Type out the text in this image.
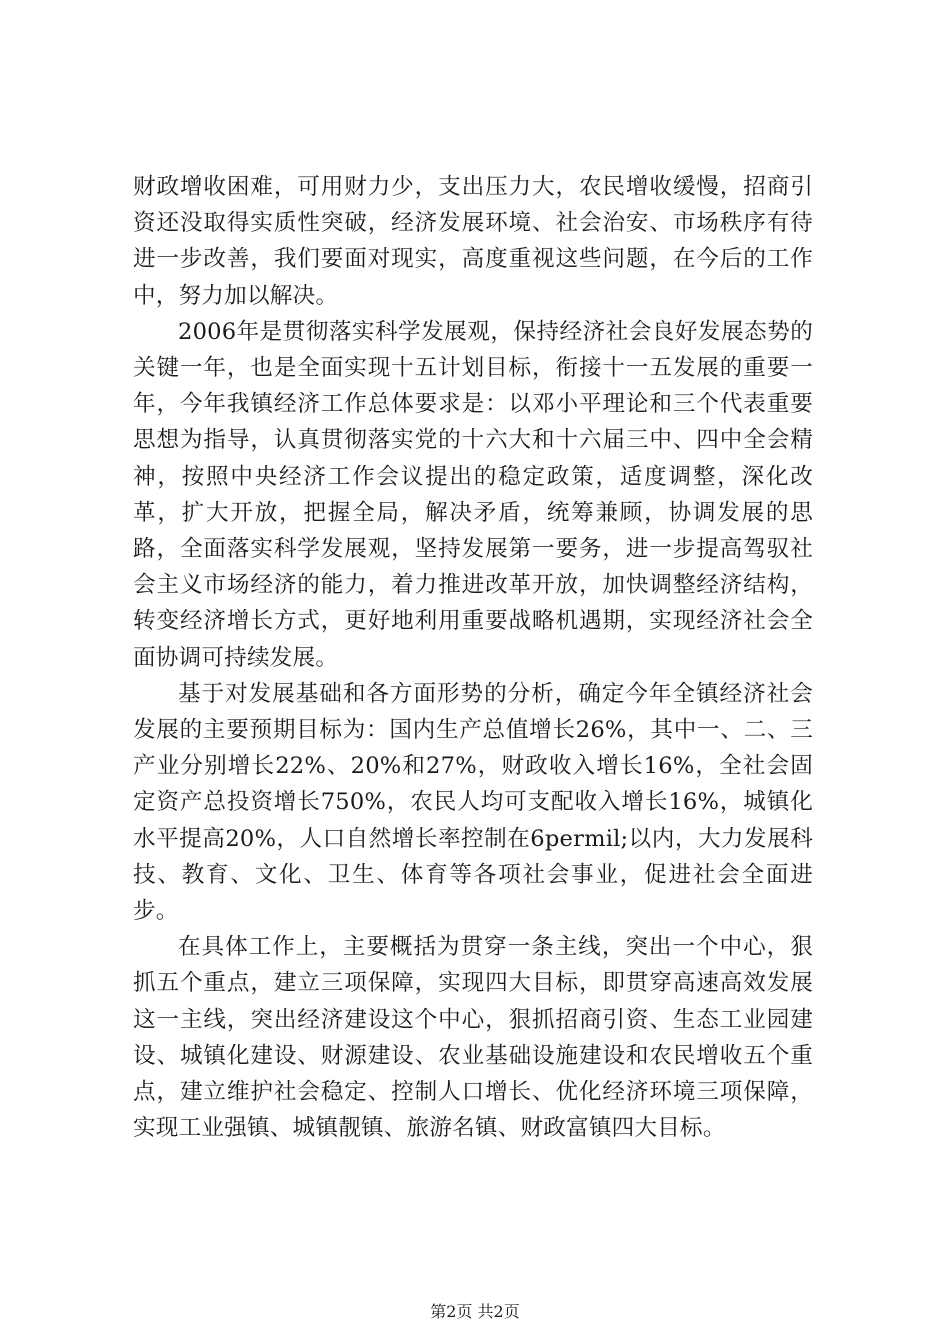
财政增收困难，可用财力少，支出压力大，农民增收缓慢，招商引资还没取得实质性突破，经济发展环境、社会治安、市场秩序有待进一步改善，我们要面对现实，高度重视这些问题，在今后的工作中，努力加以解决。

2006年是贯彻落实科学发展观，保持经济社会良好发展态势的关键一年，也是全面实现十五计划目标，衔接十一五发展的重要一年，今年我镇经济工作总体要求是：以邓小平理论和三个代表重要思想为指导，认真贯彻落实党的十六大和十六届三中、四中全会精神，按照中央经济工作会议提出的稳定政策，适度调整，深化改革，扩大开放，把握全局，解决矛盾，统筹兼顾，协调发展的思路，全面落实科学发展观，坚持发展第一要务，进一步提高驾驭社会主义市场经济的能力，着力推进改革开放，加快调整经济结构，转变经济增长方式，更好地利用重要战略机遇期，实现经济社会全面协调可持续发展。

基于对发展基础和各方面形势的分析，确定今年全镇经济社会发展的主要预期目标为：国内生产总值增长26%，其中一、二、三产业分别增长22%、20%和27%，财政收入增长16%，全社会固定资产总投资增长750%，农民人均可支配收入增长16%，城镇化水平提高20%，人口自然增长率控制在6permil;以内，大力发展科技、教育、文化、卫生、体育等各项社会事业，促进社会全面进步。

在具体工作上，主要概括为贯穿一条主线，突出一个中心，狠抓五个重点，建立三项保障，实现四大目标，即贯穿高速高效发展这一主线，突出经济建设这个中心，狠抓招商引资、生态工业园建设、城镇化建设、财源建设、农业基础设施建设和农民增收五个重点，建立维护社会稳定、控制人口增长、优化经济环境三项保障，实现工业强镇、城镇靓镇、旅游名镇、财政富镇四大目标。

第2页 共2页
